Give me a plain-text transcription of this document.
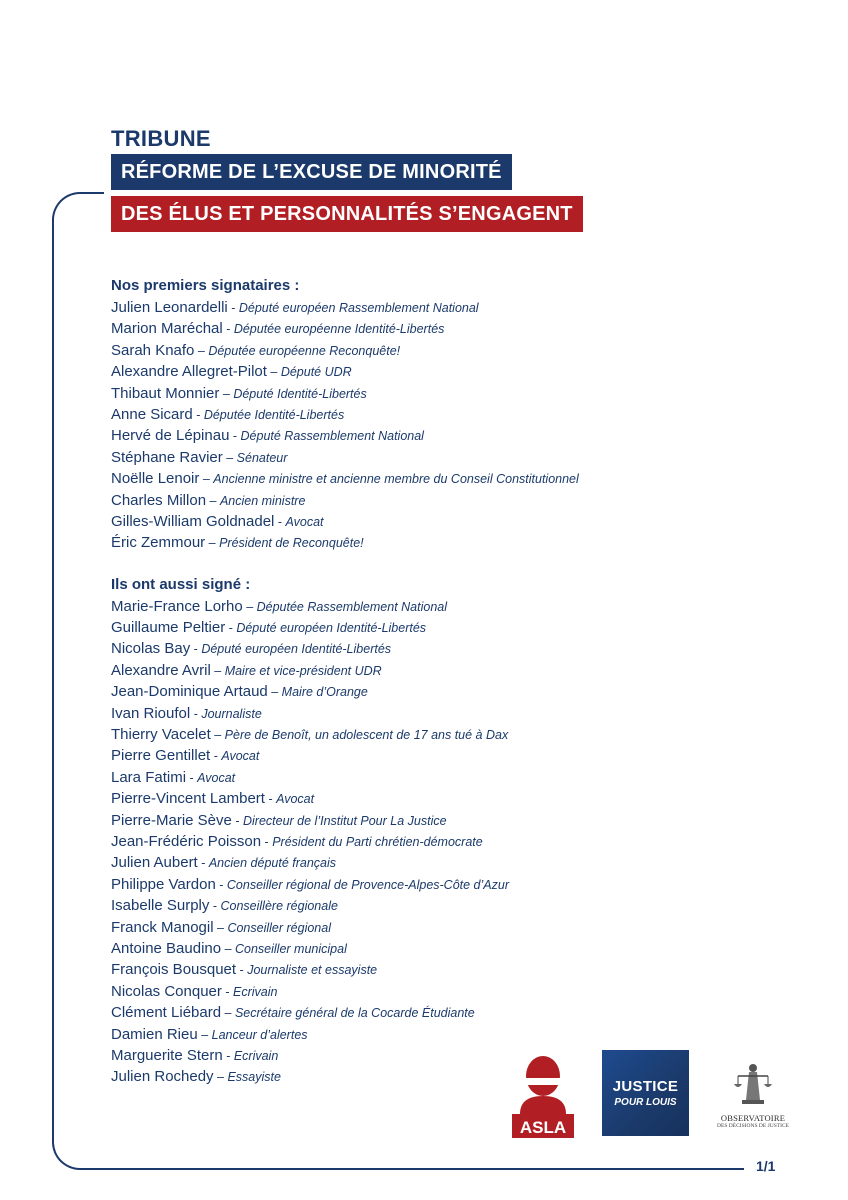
TRIBUNE
RÉFORME DE L’EXCUSE DE MINORITÉ
DES ÉLUS ET PERSONNALITÉS S’ENGAGENT
Nos premiers signataires :
Julien Leonardelli - Député européen Rassemblement National
Marion Maréchal - Députée européenne Identité-Libertés
Sarah Knafo – Députée européenne Reconquête!
Alexandre Allegret-Pilot – Député UDR
Thibaut Monnier – Député Identité-Libertés
Anne Sicard - Députée Identité-Libertés
Hervé de Lépinau - Député Rassemblement National
Stéphane Ravier – Sénateur
Noëlle Lenoir – Ancienne ministre et ancienne membre du Conseil Constitutionnel
Charles Millon – Ancien ministre
Gilles-William Goldnadel - Avocat
Éric Zemmour – Président de Reconquête!
Ils ont aussi signé :
Marie-France Lorho – Députée Rassemblement National
Guillaume Peltier - Député européen Identité-Libertés
Nicolas Bay - Député européen Identité-Libertés
Alexandre Avril – Maire et vice-président UDR
Jean-Dominique Artaud – Maire d’Orange
Ivan Rioufol - Journaliste
Thierry Vacelet – Père de Benoît, un adolescent de 17 ans tué à Dax
Pierre Gentillet - Avocat
Lara Fatimi - Avocat
Pierre-Vincent Lambert - Avocat
Pierre-Marie Sève - Directeur de l’Institut Pour La Justice
Jean-Frédéric Poisson - Président du Parti chrétien-démocrate
Julien Aubert - Ancien député français
Philippe Vardon - Conseiller régional de Provence-Alpes-Côte d’Azur
Isabelle Surply - Conseillère régionale
Franck Manogil – Conseiller régional
Antoine Baudino – Conseiller municipal
François Bousquet - Journaliste et essayiste
Nicolas Conquer - Ecrivain
Clément Liébard – Secrétaire général de la Cocarde Étudiante
Damien Rieu – Lanceur d’alertes
Marguerite Stern - Ecrivain
Julien Rochedy – Essayiste
ASLA
JUSTICE
POUR LOUIS
OBSERVATOIRE
DES DÉCISIONS DE JUSTICE
1/1
